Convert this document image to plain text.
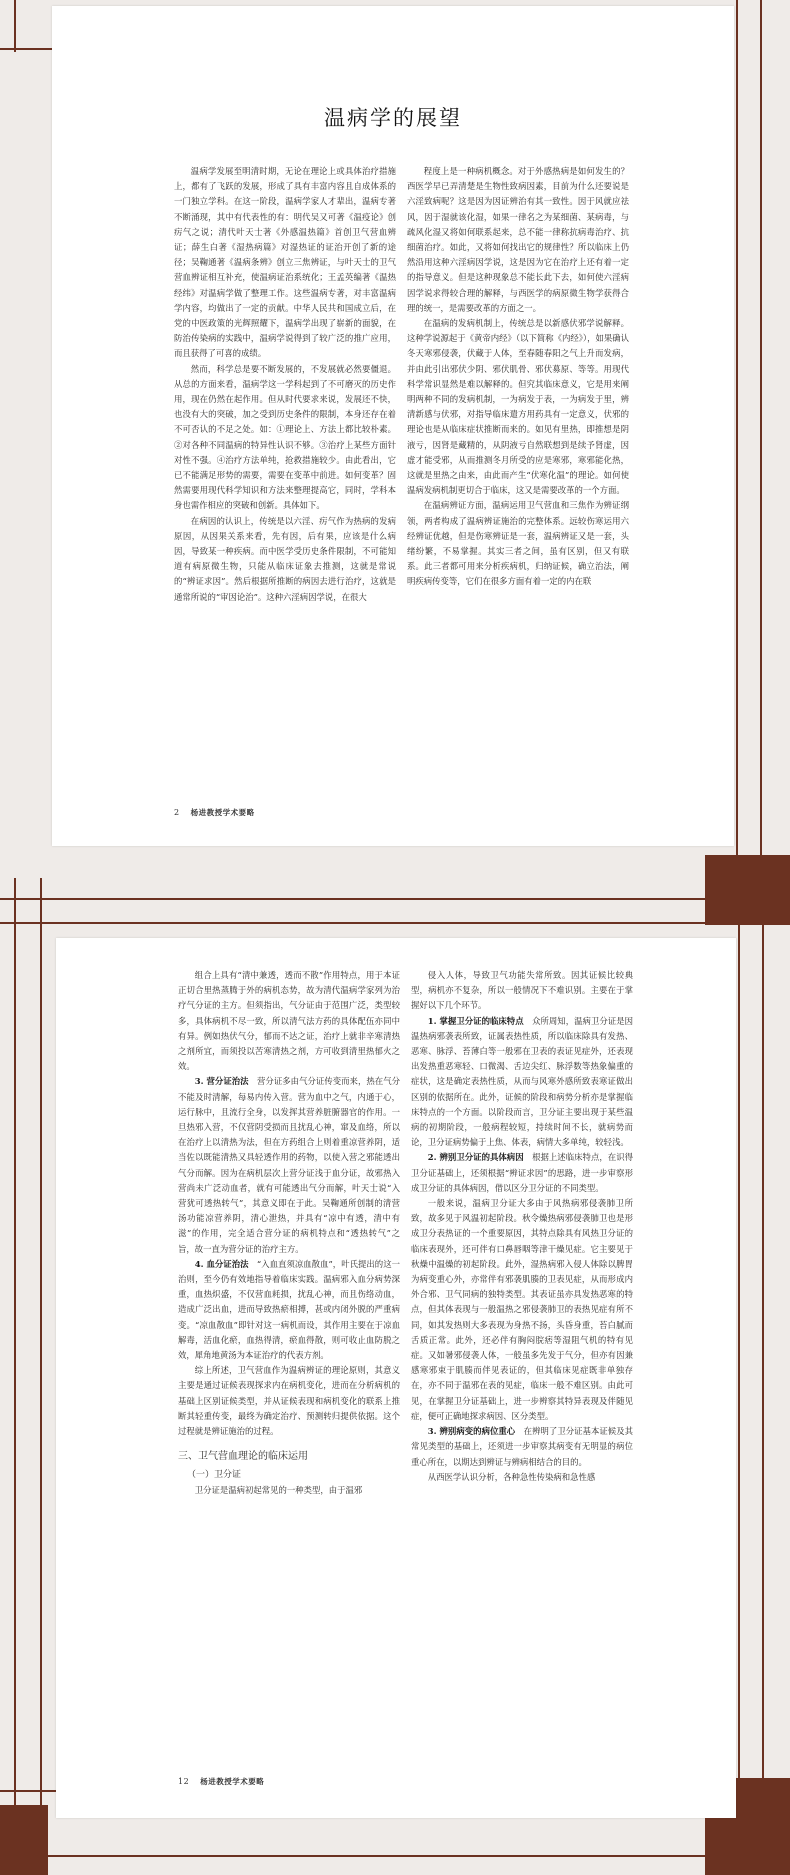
温病学的展望

温病学发展至明清时期，无论在理论上或具体治疗措施上，都有了飞跃的发展，形成了具有丰富内容且自成体系的一门独立学科。在这一阶段，温病学家人才辈出，温病专著不断涌现，其中有代表性的有：明代吴又可著《温疫论》创疠气之说；清代叶天士著《外感温热篇》首创卫气营血辨证；薛生白著《湿热病篇》对湿热证的证治开创了新的途径；吴鞠通著《温病条辨》创立三焦辨证，与叶天士的卫气营血辨证相互补充，使温病证治系统化；王孟英编著《温热经纬》对温病学做了整理工作。这些温病专著，对丰富温病学内容，均做出了一定的贡献。中华人民共和国成立后，在党的中医政策的光辉照耀下，温病学出现了崭新的面貌，在防治传染病的实践中，温病学说得到了较广泛的推广应用，而且获得了可喜的成绩。

然而，科学总是要不断发展的，不发展就必然要僵退。从总的方面来看，温病学这一学科起到了不可磨灭的历史作用，现在仍然在起作用。但从时代要求来说，发展还不快，也没有大的突破，加之受到历史条件的限制，本身还存在着不可否认的不足之处。如：①理论上、方法上都比较朴素。②对各种不同温病的特异性认识不够。③治疗上某些方面针对性不强。④治疗方法单纯，抢救措施较少。由此看出，它已不能满足形势的需要，需要在变革中前进。如何变革？固然需要用现代科学知识和方法来整理提高它，同时，学科本身也需作相应的突破和创新。具体如下。

在病因的认识上，传统是以六淫、疠气作为热病的发病原因，从因果关系来看，先有因，后有果，应该是什么病因，导致某一种疾病。而中医学受历史条件限制，不可能知道有病原微生物，只能从临床证象去推测，这就是常说的“辨证求因”。然后根据所推断的病因去进行治疗，这就是通常所说的“审因论治”。这种六淫病因学说，在很大

程度上是一种病机概念。对于外感热病是如何发生的？西医学早已弄清楚是生物性致病因素，目前为什么还要说是六淫致病呢？这是因为因证辨治有其一致性。因于风就应祛风，因于湿就该化湿，如果一律名之为某细菌、某病毒，与疏风化湿又将如何联系起来，总不能一律称抗病毒治疗、抗细菌治疗。如此，又将如何找出它的规律性？所以临床上仍然沿用这种六淫病因学说，这是因为它在治疗上还有着一定的指导意义。但是这种现象总不能长此下去，如何使六淫病因学说求得较合理的解释，与西医学的病原微生物学获得合理的统一，是需要改革的方面之一。

在温病的发病机制上，传统总是以新感伏邪学说解释。这种学说源起于《黄帝内经》（以下简称《内经》），如果确认冬天寒邪侵袭，伏藏于人体，至春随春阳之气上升而发病，并由此引出邪伏少阴、邪伏肌骨、邪伏募原、等等。用现代科学常识显然是难以解释的。但究其临床意义，它是用来阐明两种不同的发病机制，一为病发于表，一为病发于里，辨清新感与伏邪，对指导临床遣方用药具有一定意义，伏邪的理论也是从临床症状推断而来的。如见有里热，即推想是阴液亏，因肾是藏精的，从阴液亏自然联想到是续予肾虚，因虚才能受邪，从而推测冬月所受的应是寒邪，寒邪能化热，这就是里热之由来，由此而产生“伏寒化温”的理论。如何使温病发病机制更切合于临床，这又是需要改革的一个方面。

在温病辨证方面，温病运用卫气营血和三焦作为辨证纲领，两者构成了温病辨证施治的完整体系。远较伤寒运用六经辨证优越，但是伤寒辨证是一套，温病辨证又是一套，头绪纷繁，不易掌握。其实三者之间，虽有区别，但又有联系。此三者都可用来分析疾病机，归纳证候，确立治法，阐明疾病传变等，它们在很多方面有着一定的内在联

2 杨进教授学术要略

组合上具有“清中兼透，透而不散”作用特点，用于本证正切合里热蒸腾于外的病机态势，故为清代温病学家列为治疗气分证的主方。但须指出，气分证由于范围广泛，类型较多，具体病机不尽一致，所以清气法方药的具体配伍亦同中有异。例如热伏气分，郁而不达之证，治疗上就非辛寒清热之剂所宜，而须投以苦寒清热之剂，方可收到清里热郁火之效。

3. 营分证治法　 营分证多由气分证传变而来，热在气分不能及时清解，每易内传入营。营为血中之气，内通于心，运行脉中，且流行全身，以发挥其营养脏腑器官的作用。一旦热邪入营，不仅营阴受损而且扰乱心神，窜及血络，所以在治疗上以清热为法，但在方药组合上则着重凉营养阴，适当佐以既能清热又具轻透作用的药物，以使入营之邪能透出气分而解。因为在病机层次上营分证浅于血分证，故邪热入营尚未广泛动血者，就有可能透出气分而解，叶天士说“入营犹可透热转气”，其意义即在于此。吴鞠通所创制的清营汤功能凉营养阴，清心泄热，并具有“凉中有透，清中有滋”的作用，完全适合营分证的病机特点和“透热转气”之旨，故一直为营分证的治疗主方。

4. 血分证治法　 “入血直须凉血散血”，叶氏提出的这一治则，至今仍有效地指导着临床实践。温病邪入血分病势深重，血热炽盛，不仅营血耗损，扰乱心神，而且伤络动血，造成广泛出血，进而导致热瘀相搏，甚或内闭外脱的严重病变。“凉血散血”即针对这一病机而设，其作用主要在于凉血解毒，活血化瘀，血热得清，瘀血得散，则可收止血防脱之效，犀角地黄汤为本证治疗的代表方剂。

综上所述，卫气营血作为温病辨证的理论原则，其意义主要是通过证候表现探求内在病机变化，进而在分析病机的基础上区别证候类型，并从证候表现和病机变化的联系上推断其轻重传变，最终为确定治疗、预测转归提供依据。这个过程就是辨证施治的过程。

三、卫气营血理论的临床运用

（一）卫分证

卫分证是温病初起常见的一种类型，由于温邪

侵入人体，导致卫气功能失常所致。因其证候比较典型，病机亦不复杂，所以一般情况下不难识别。主要在于掌握好以下几个环节。

1. 掌握卫分证的临床特点　 众所周知，温病卫分证是因温热病邪袭表所致，证属表热性质，所以临床除具有发热、恶寒、脉浮、苔薄白等一般邪在卫表的表证见症外，还表现出发热重恶寒轻、口微渴、舌边尖红、脉浮数等热象偏重的症状，这是确定表热性质，从而与风寒外感所致表寒证做出区别的依据所在。此外，证候的阶段和病势分析亦是掌握临床特点的一个方面。以阶段而言，卫分证主要出现于某些温病的初期阶段，一般病程较短，持续时间不长，就病势而论，卫分证病势偏于上焦、体表，病情大多单纯，较轻浅。

2. 辨别卫分证的具体病因　 根据上述临床特点，在识得卫分证基础上，还须根据“辨证求因”的思路，进一步审察形成卫分证的具体病因，借以区分卫分证的不同类型。

一般来说，温病卫分证大多由于风热病邪侵袭肺卫所致，故多见于风温初起阶段。秋令燥热病邪侵袭肺卫也是形成卫分表热证的一个重要原因，其特点除具有风热卫分证的临床表现外，还可伴有口鼻唇咽等津干燥见症。它主要见于秋燥中温燥的初起阶段。此外，湿热病邪入侵人体除以脾胃为病变重心外，亦常伴有邪袭肌腠的卫表见症，从而形成内外合邪、卫气同病的独特类型。其表证虽亦具发热恶寒的特点，但其体表现与一般温热之邪侵袭肺卫的表热见症有所不同，如其发热则大多表现为身热不扬，头昏身重，苔白腻而舌质正常。此外，还必伴有胸闷脘痞等湿阻气机的特有见症。又如暑邪侵袭人体，一般虽多先发于气分，但亦有因兼感寒邪束于肌腠而伴见表证的，但其临床见症既非单独存在，亦不同于温邪在表的见症，临床一般不难区别。由此可见，在掌握卫分证基础上，进一步辨察其特异表现及伴随见症，便可正确地探求病因、区分类型。

3. 辨别病变的病位重心　 在辨明了卫分证基本证候及其常见类型的基础上，还须进一步审察其病变有无明显的病位重心所在，以期达到辨证与辨病相结合的目的。

从西医学认识分析，各种急性传染病和急性感

12 杨进教授学术要略
